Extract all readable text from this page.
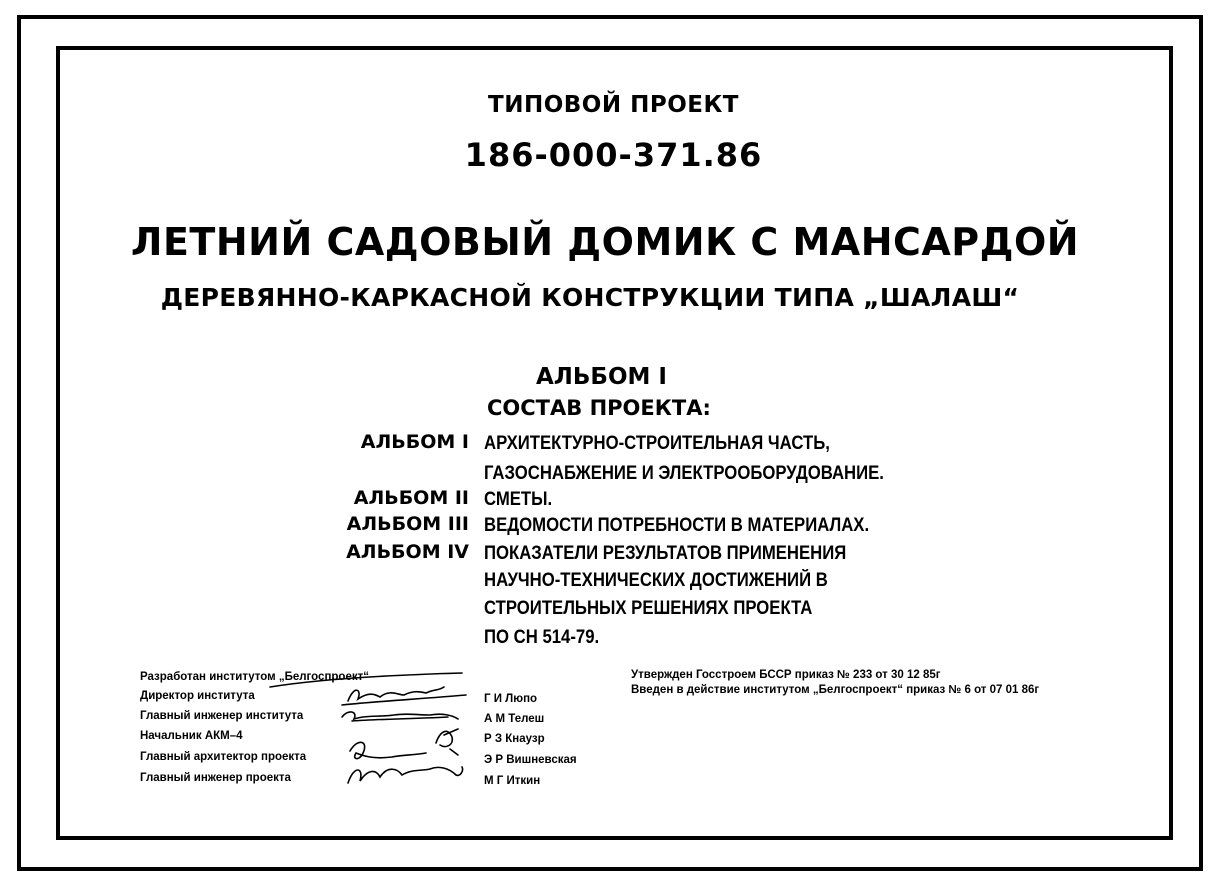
ТИПОВОЙ ПРОЕКТ
186-000-371.86
ЛЕТНИЙ САДОВЫЙ ДОМИК С МАНСАРДОЙ
ДЕРЕВЯННО-КАРКАСНОЙ КОНСТРУКЦИИ ТИПА „ШАЛАШ“
АЛЬБОМ I
СОСТАВ ПРОЕКТА:
АЛЬБОМ I АРХИТЕКТУРНО-СТРОИТЕЛЬНАЯ ЧАСТЬ,
ГАЗОСНАБЖЕНИЕ И ЭЛЕКТРООБОРУДОВАНИЕ.
АЛЬБОМ II СМЕТЫ.
АЛЬБОМ III ВЕДОМОСТИ ПОТРЕБНОСТИ В МАТЕРИАЛАХ.
АЛЬБОМ IV ПОКАЗАТЕЛИ РЕЗУЛЬТАТОВ ПРИМЕНЕНИЯ
НАУЧНО-ТЕХНИЧЕСКИХ ДОСТИЖЕНИЙ В
СТРОИТЕЛЬНЫХ РЕШЕНИЯХ ПРОЕКТА
ПО СН 514-79.
Разработан институтом „Белгоспроект“
Директор института
Главный инженер института
Начальник АКМ–4
Главный архитектор проекта
Главный инженер проекта
Г И Люпо
А М Телеш
Р З Кнаузр
Э Р Вишневская
М Г Иткин
Утвержден Госстроем БССР приказ № 233 от 30 12 85г
Введен в действие институтом „Белгоспроект“ приказ № 6 от 07 01 86г
